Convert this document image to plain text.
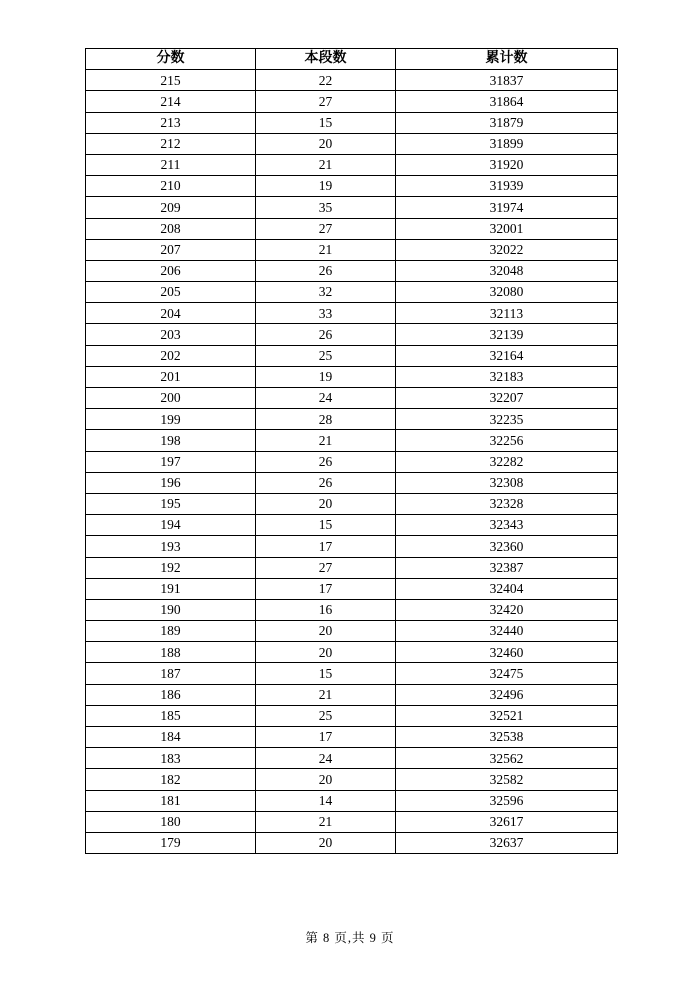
分数	本段数	累计数
215	22	31837
214	27	31864
213	15	31879
212	20	31899
211	21	31920
210	19	31939
209	35	31974
208	27	32001
207	21	32022
206	26	32048
205	32	32080
204	33	32113
203	26	32139
202	25	32164
201	19	32183
200	24	32207
199	28	32235
198	21	32256
197	26	32282
196	26	32308
195	20	32328
194	15	32343
193	17	32360
192	27	32387
191	17	32404
190	16	32420
189	20	32440
188	20	32460
187	15	32475
186	21	32496
185	25	32521
184	17	32538
183	24	32562
182	20	32582
181	14	32596
180	21	32617
179	20	32637
第 8 页,共 9 页
